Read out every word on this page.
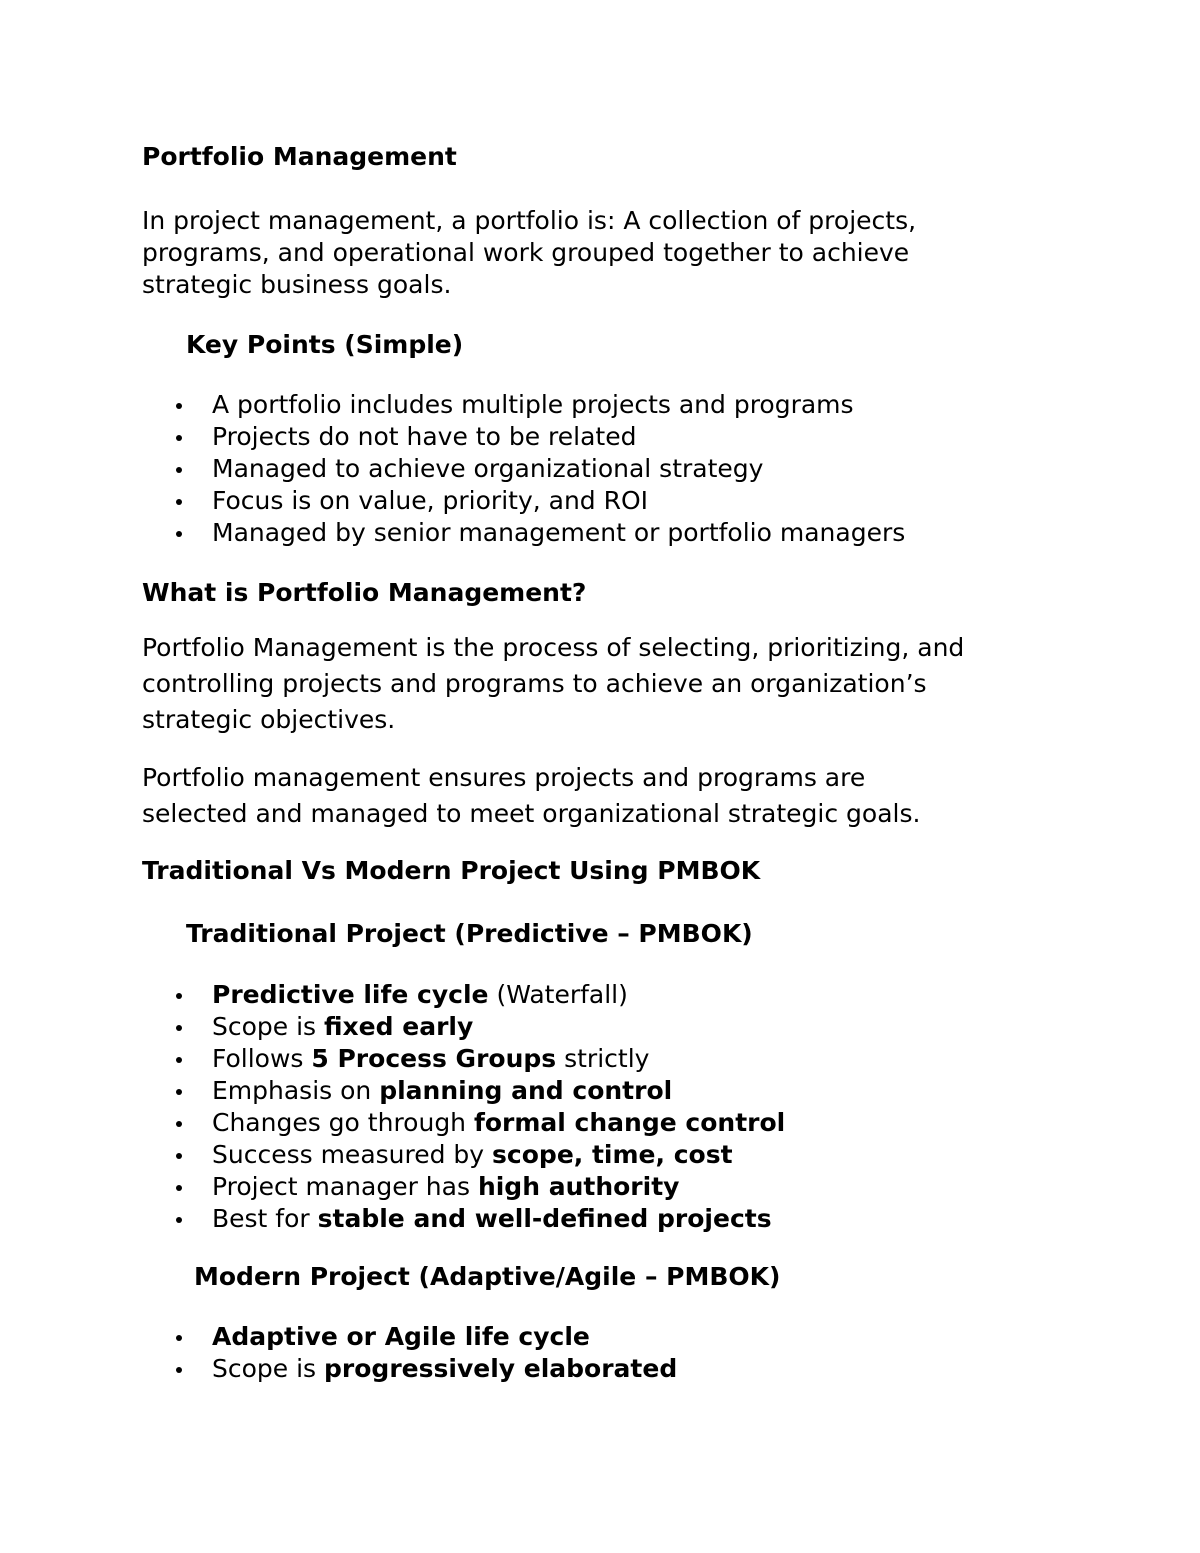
Portfolio Management

In project management, a portfolio is: A collection of projects,
programs, and operational work grouped together to achieve
strategic business goals.

Key Points (Simple)

A portfolio includes multiple projects and programs
Projects do not have to be related
Managed to achieve organizational strategy
Focus is on value, priority, and ROI
Managed by senior management or portfolio managers

What is Portfolio Management?

Portfolio Management is the process of selecting, prioritizing, and
controlling projects and programs to achieve an organization’s
strategic objectives.
Portfolio management ensures projects and programs are
selected and managed to meet organizational strategic goals.

Traditional Vs Modern Project Using PMBOK

Traditional Project (Predictive – PMBOK)

Predictive life cycle (Waterfall)
Scope is fixed early
Follows 5 Process Groups strictly
Emphasis on planning and control
Changes go through formal change control
Success measured by scope, time, cost
Project manager has high authority
Best for stable and well-defined projects

Modern Project (Adaptive/Agile – PMBOK)

Adaptive or Agile life cycle
Scope is progressively elaborated
